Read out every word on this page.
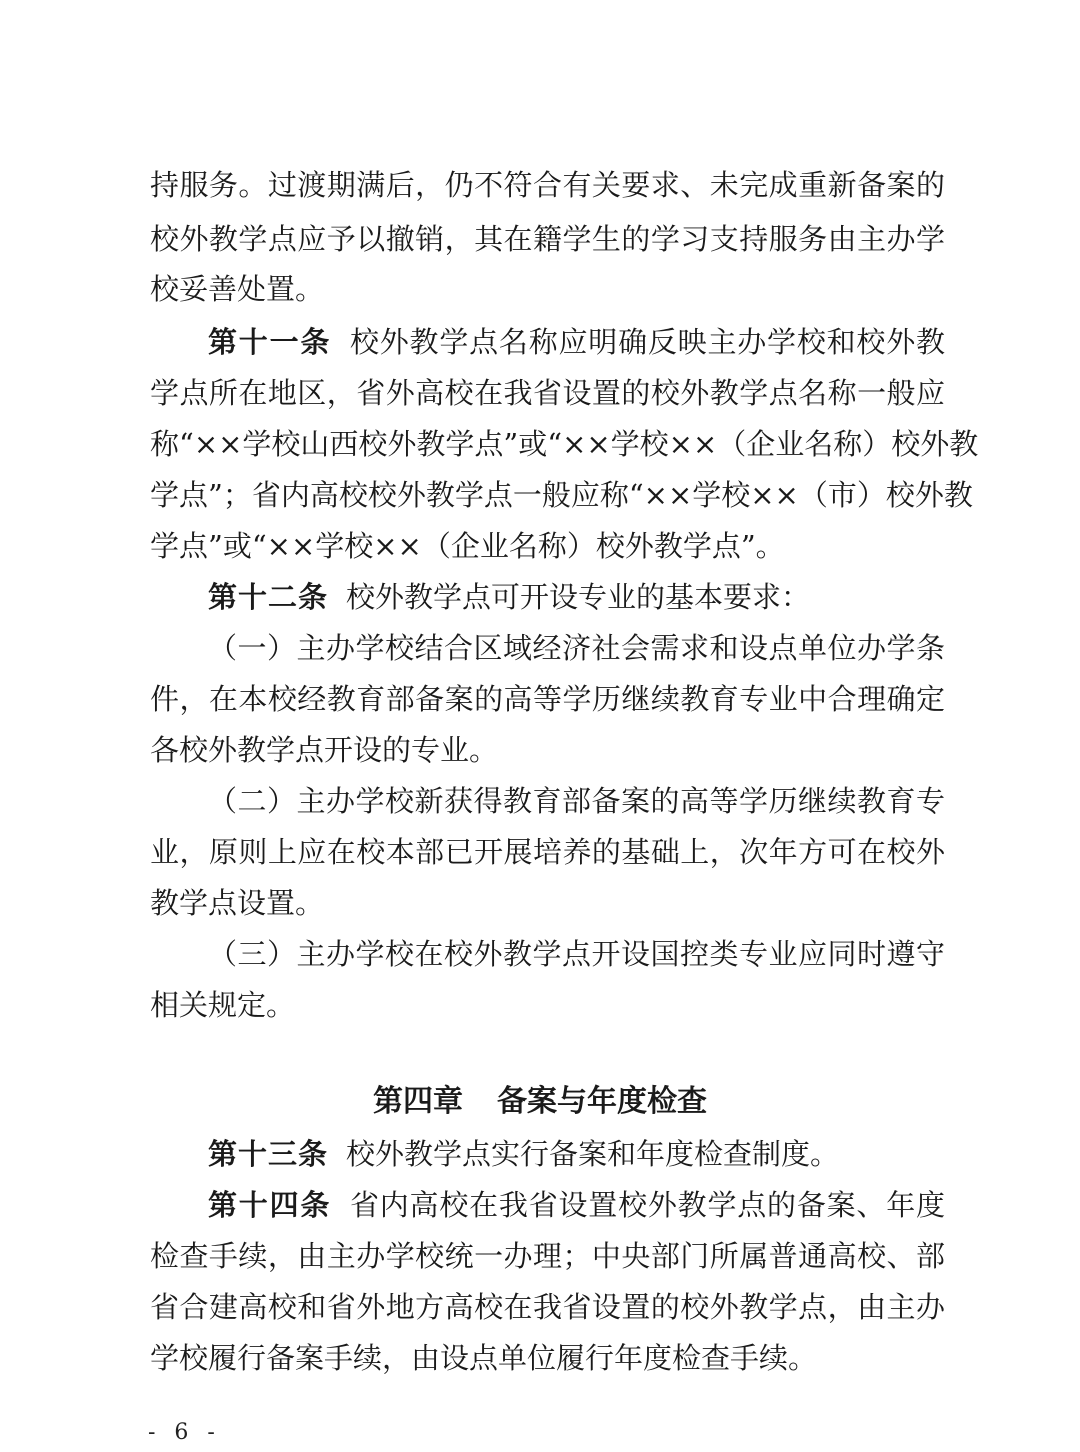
持服务。过渡期满后，仍不符合有关要求、未完成重新备案的
校外教学点应予以撤销，其在籍学生的学习支持服务由主办学
校妥善处置。
第十一条 校外教学点名称应明确反映主办学校和校外教
学点所在地区，省外高校在我省设置的校外教学点名称一般应
称“××学校山西校外教学点”或“××学校××（企业名称）校外教
学点”；省内高校校外教学点一般应称“××学校××（市）校外教
学点”或“××学校××（企业名称）校外教学点”。
第十二条 校外教学点可开设专业的基本要求：
（一）主办学校结合区域经济社会需求和设点单位办学条
件，在本校经教育部备案的高等学历继续教育专业中合理确定
各校外教学点开设的专业。
（二）主办学校新获得教育部备案的高等学历继续教育专
业，原则上应在校本部已开展培养的基础上，次年方可在校外
教学点设置。
（三）主办学校在校外教学点开设国控类专业应同时遵守
相关规定。
第四章 备案与年度检查
第十三条 校外教学点实行备案和年度检查制度。
第十四条 省内高校在我省设置校外教学点的备案、年度
检查手续，由主办学校统一办理；中央部门所属普通高校、部
省合建高校和省外地方高校在我省设置的校外教学点，由主办
学校履行备案手续，由设点单位履行年度检查手续。
- 6 -
